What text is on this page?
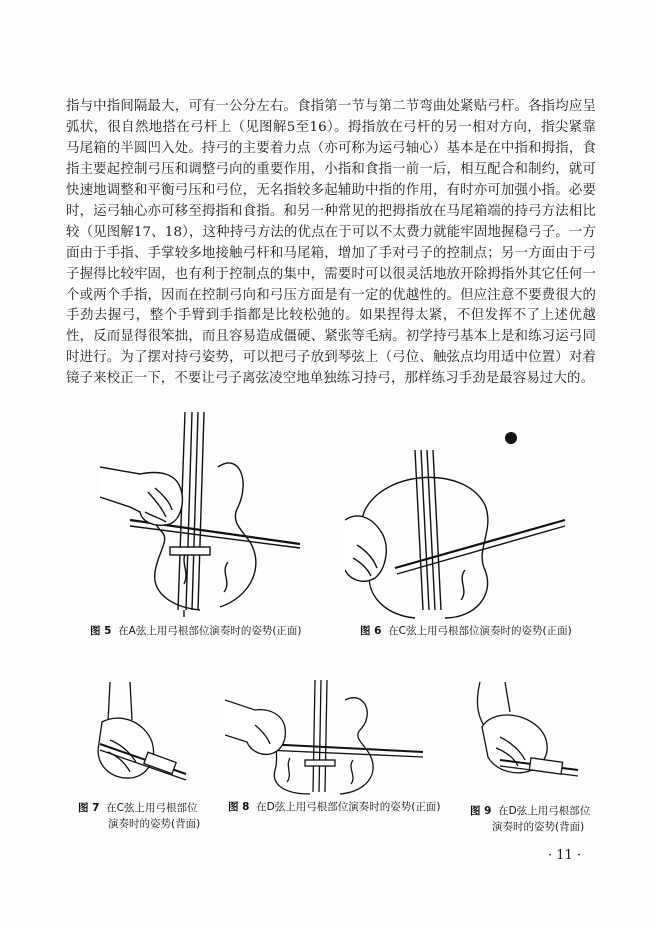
指与中指间隔最大，可有一公分左右。食指第一节与第二节弯曲处紧贴弓杆。各指均应呈弧状，很自然地搭在弓杆上（见图解5至16）。拇指放在弓杆的另一相对方向，指尖紧靠马尾箱的半圆凹入处。持弓的主要着力点（亦可称为运弓轴心）基本是在中指和拇指，食指主要起控制弓压和调整弓向的重要作用，小指和食指一前一后，相互配合和制约，就可快速地调整和平衡弓压和弓位，无名指较多起辅助中指的作用，有时亦可加强小指。必要时，运弓轴心亦可移至拇指和食指。和另一种常见的把拇指放在马尾箱端的持弓方法相比较（见图解17、18），这种持弓方法的优点在于可以不太费力就能牢固地握稳弓子。一方面由于手指、手掌较多地接触弓杆和马尾箱，增加了手对弓子的控制点；另一方面由于弓子握得比较牢固，也有利于控制点的集中，需要时可以很灵活地放开除拇指外其它任何一个或两个手指，因而在控制弓向和弓压方面是有一定的优越性的。但应注意不要费很大的手劲去握弓，整个手臂到手指都是比较松弛的。如果捏得太紧，不但发挥不了上述优越性，反而显得很笨拙，而且容易造成僵硬、紧张等毛病。初学持弓基本上是和练习运弓同时进行。为了摆对持弓姿势，可以把弓子放到琴弦上（弓位、触弦点均用适中位置）对着镜子来校正一下，不要让弓子离弦凌空地单独练习持弓，那样练习手劲是最容易过大的。

图 5 在A弦上用弓根部位演奏时的姿势(正面)	图 6 在C弦上用弓根部位演奏时的姿势(正面)
图 7 在C弦上用弓根部位
演奏时的姿势(背面)
图 8 在D弦上用弓根部位演奏时的姿势(正面)	图 9 在D弦上用弓根部位
演奏时的姿势(背面)
· 11 ·
